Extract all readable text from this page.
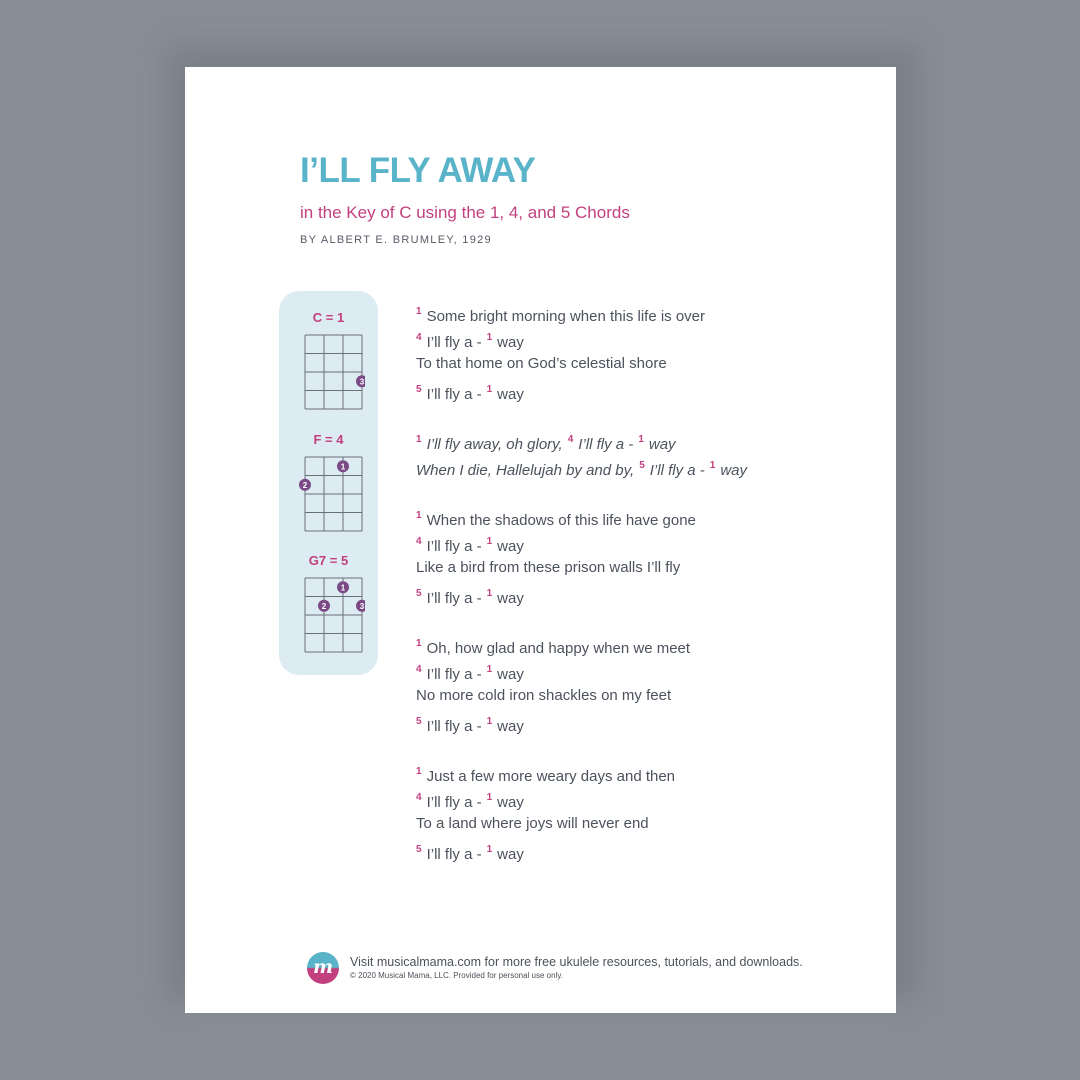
I’LL FLY AWAY
in the Key of C using the 1, 4, and 5 Chords
BY ALBERT E. BRUMLEY, 1929
C = 1
3
F = 4
1
2
G7 = 5
1
2	3
$^1$ Some bright morning when this life is over
$^4$ I’ll fly a - $^1$ way
To that home on God’s celestial shore
$^5$ I’ll fly a - $^1$ way
$^1$ I’ll fly away, oh glory, $^4$ I’ll fly a - $^1$ way
When I die, Hallelujah by and by, $^5$ I’ll fly a - $^1$ way
$^1$ When the shadows of this life have gone
$^4$ I’ll fly a - $^1$ way
Like a bird from these prison walls I’ll fly
$^5$ I’ll fly a - $^1$ way
$^1$ Oh, how glad and happy when we meet
$^4$ I’ll fly a - $^1$ way
No more cold iron shackles on my feet
$^5$ I’ll fly a - $^1$ way
$^1$ Just a few more weary days and then
$^4$ I’ll fly a - $^1$ way
To a land where joys will never end
$^5$ I’ll fly a - $^1$ way
m	Visit musicalmama.com for more free ukulele resources, tutorials, and downloads.
© 2020 Musical Mama, LLC. Provided for personal use only.
